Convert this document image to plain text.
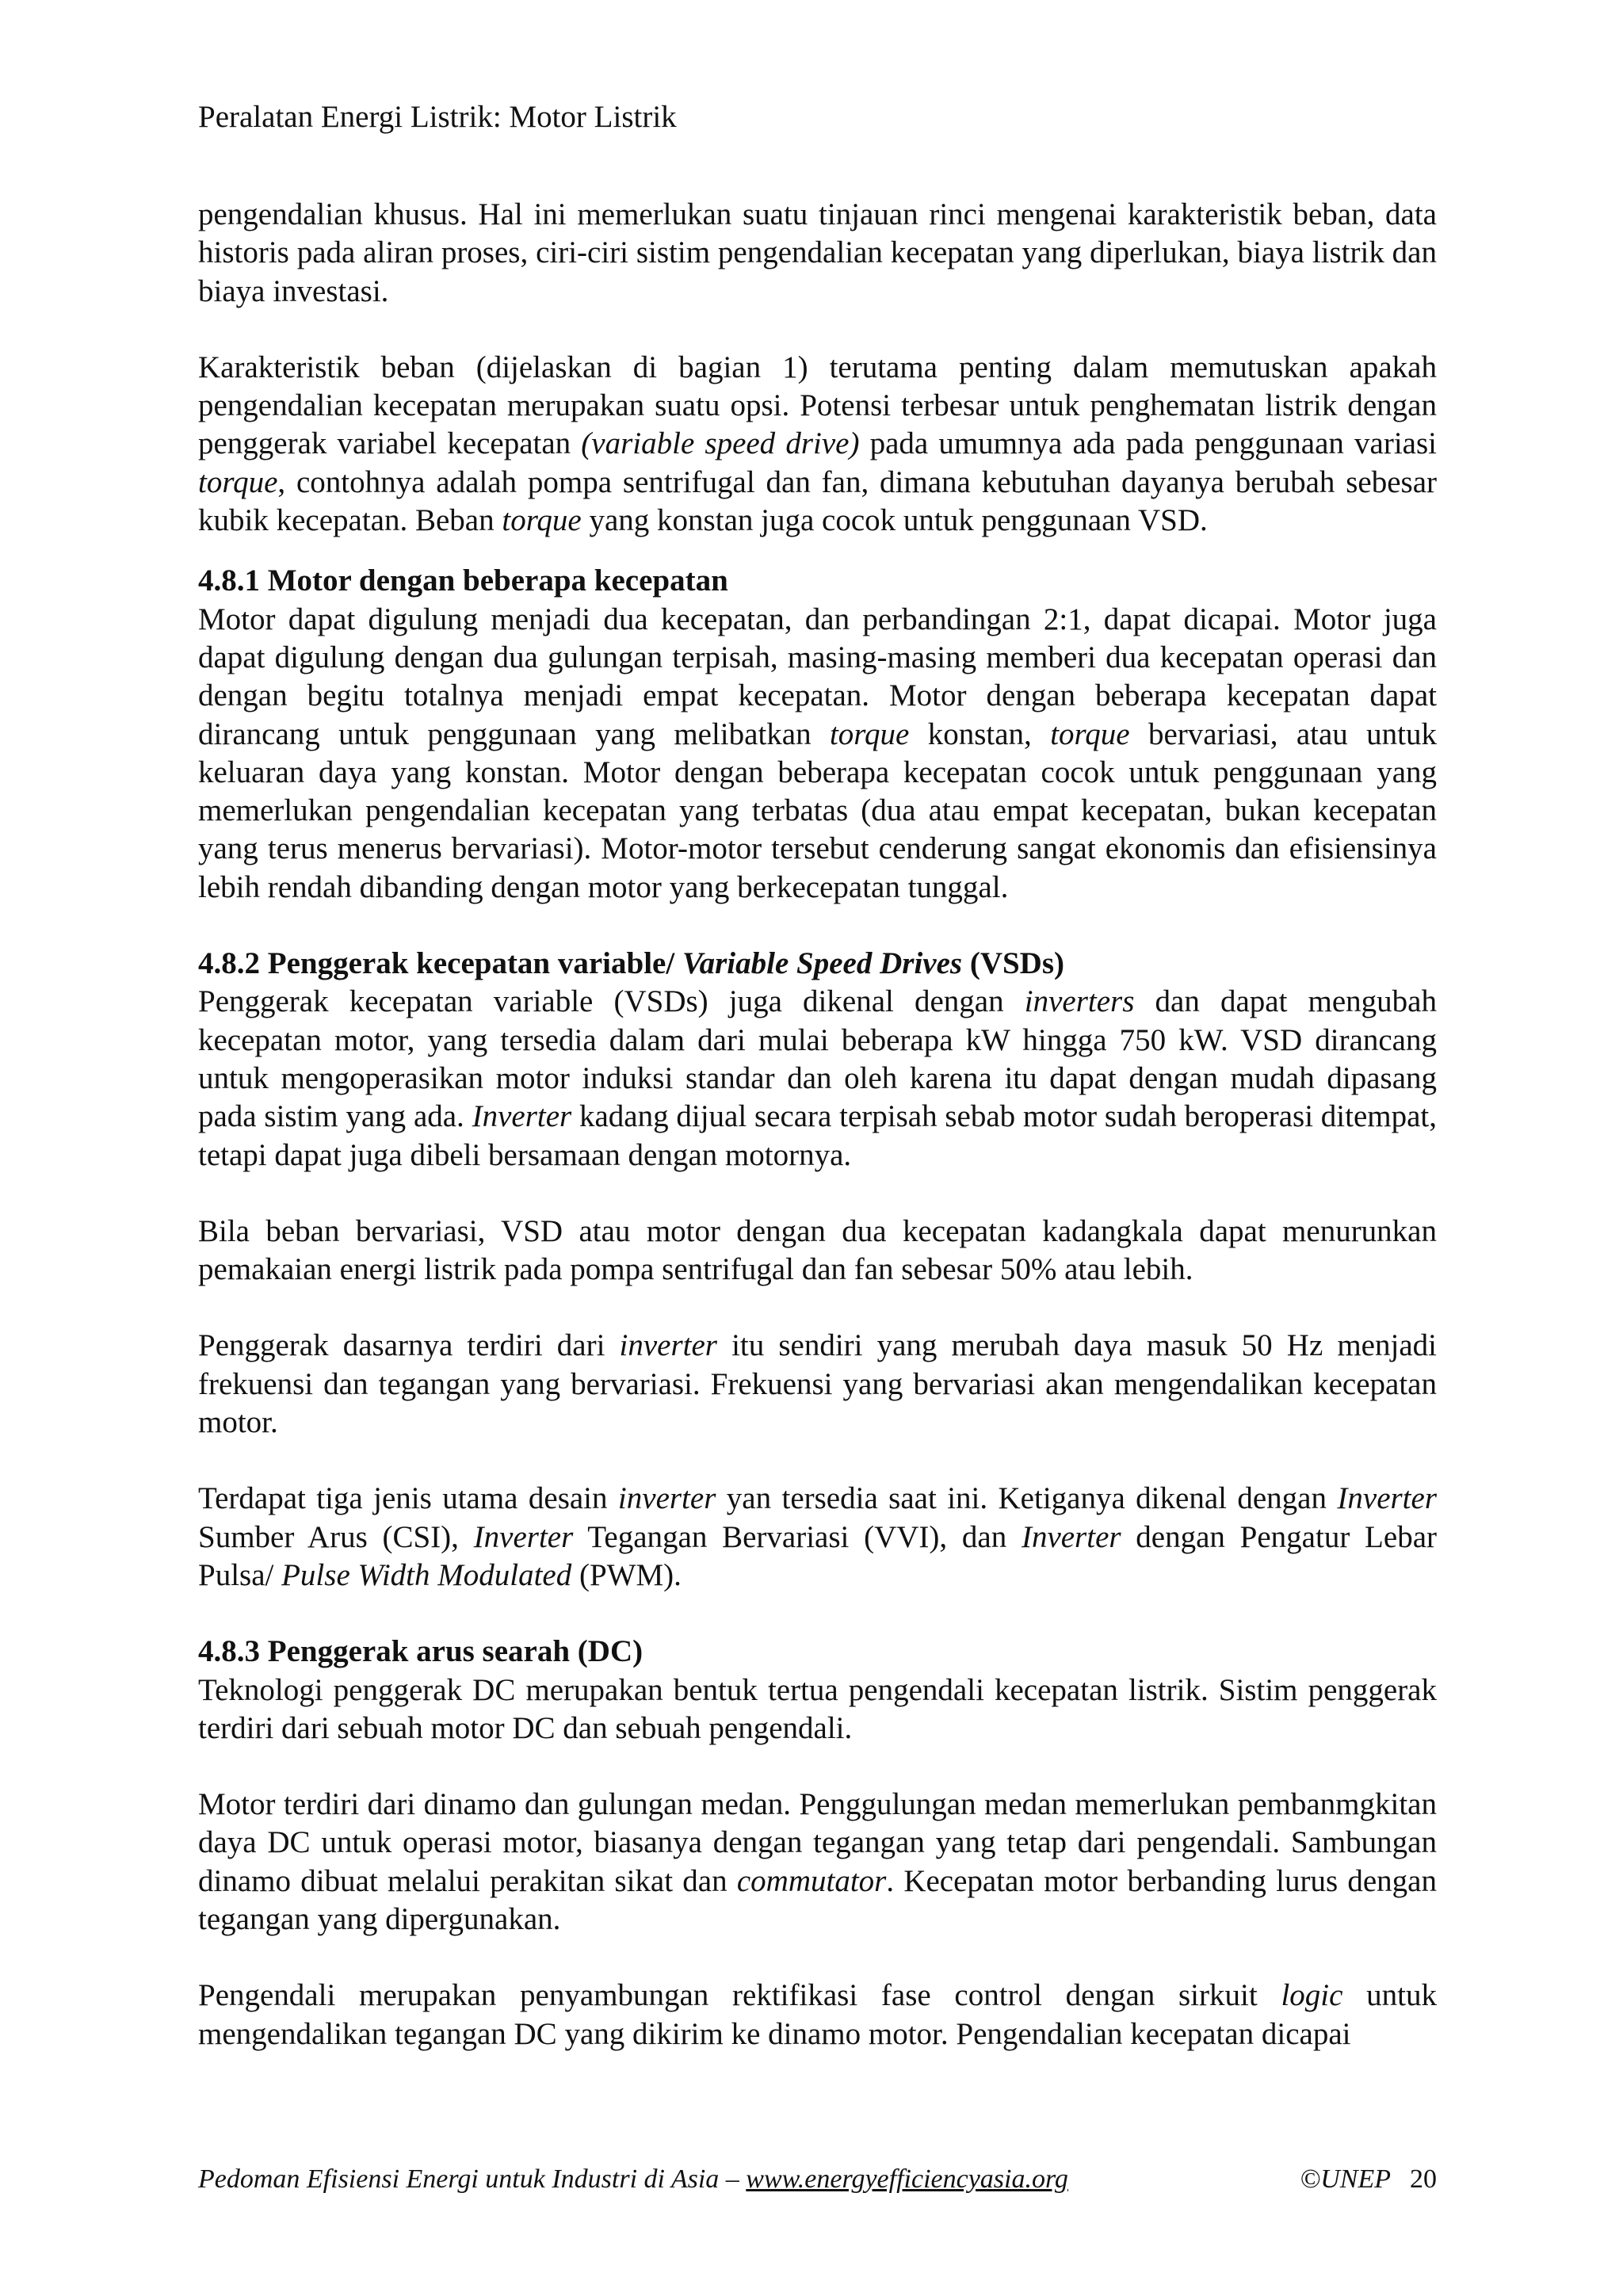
Peralatan Energi Listrik: Motor Listrik

pengendalian khusus. Hal ini memerlukan suatu tinjauan rinci mengenai karakteristik beban, data historis pada aliran proses, ciri-ciri sistim pengendalian kecepatan yang diperlukan, biaya listrik dan biaya investasi.

Karakteristik beban (dijelaskan di bagian 1) terutama penting dalam memutuskan apakah pengendalian kecepatan merupakan suatu opsi. Potensi terbesar untuk penghematan listrik dengan penggerak variabel kecepatan (variable speed drive) pada umumnya ada pada penggunaan variasi torque, contohnya adalah pompa sentrifugal dan fan, dimana kebutuhan dayanya berubah sebesar kubik kecepatan. Beban torque yang konstan juga cocok untuk penggunaan VSD.

4.8.1 Motor dengan beberapa kecepatan

Motor dapat digulung menjadi dua kecepatan, dan perbandingan 2:1, dapat dicapai. Motor juga dapat digulung dengan dua gulungan terpisah, masing-masing memberi dua kecepatan operasi dan dengan begitu totalnya menjadi empat kecepatan. Motor dengan beberapa kecepatan dapat dirancang untuk penggunaan yang melibatkan torque konstan, torque bervariasi, atau untuk keluaran daya yang konstan. Motor dengan beberapa kecepatan cocok untuk penggunaan yang memerlukan pengendalian kecepatan yang terbatas (dua atau empat kecepatan, bukan kecepatan yang terus menerus bervariasi). Motor-motor tersebut cenderung sangat ekonomis dan efisiensinya lebih rendah dibanding dengan motor yang berkecepatan tunggal.

4.8.2 Penggerak kecepatan variable/ Variable Speed Drives (VSDs)

Penggerak kecepatan variable (VSDs) juga dikenal dengan inverters dan dapat mengubah kecepatan motor, yang tersedia dalam dari mulai beberapa kW hingga 750 kW. VSD dirancang untuk mengoperasikan motor induksi standar dan oleh karena itu dapat dengan mudah dipasang pada sistim yang ada. Inverter kadang dijual secara terpisah sebab motor sudah beroperasi ditempat, tetapi dapat juga dibeli bersamaan dengan motornya.

Bila beban bervariasi, VSD atau motor dengan dua kecepatan kadangkala dapat menurunkan pemakaian energi listrik pada pompa sentrifugal dan fan sebesar 50% atau lebih.

Penggerak dasarnya terdiri dari inverter itu sendiri yang merubah daya masuk 50 Hz menjadi frekuensi dan tegangan yang bervariasi. Frekuensi yang bervariasi akan mengendalikan kecepatan motor.

Terdapat tiga jenis utama desain inverter yan tersedia saat ini. Ketiganya dikenal dengan Inverter Sumber Arus (CSI), Inverter Tegangan Bervariasi (VVI), dan Inverter dengan Pengatur Lebar Pulsa/ Pulse Width Modulated (PWM).

4.8.3 Penggerak arus searah (DC)

Teknologi penggerak DC merupakan bentuk tertua pengendali kecepatan listrik. Sistim penggerak terdiri dari sebuah motor DC dan sebuah pengendali.

Motor terdiri dari dinamo dan gulungan medan. Penggulungan medan memerlukan pembanmgkitan daya DC untuk operasi motor, biasanya dengan tegangan yang tetap dari pengendali. Sambungan dinamo dibuat melalui perakitan sikat dan commutator. Kecepatan motor berbanding lurus dengan tegangan yang dipergunakan.

Pengendali merupakan penyambungan rektifikasi fase control dengan sirkuit logic untuk mengendalikan tegangan DC yang dikirim ke dinamo motor. Pengendalian kecepatan dicapai

Pedoman Efisiensi Energi untuk Industri di Asia – www.energyefficiencyasia.org	©UNEP 20
